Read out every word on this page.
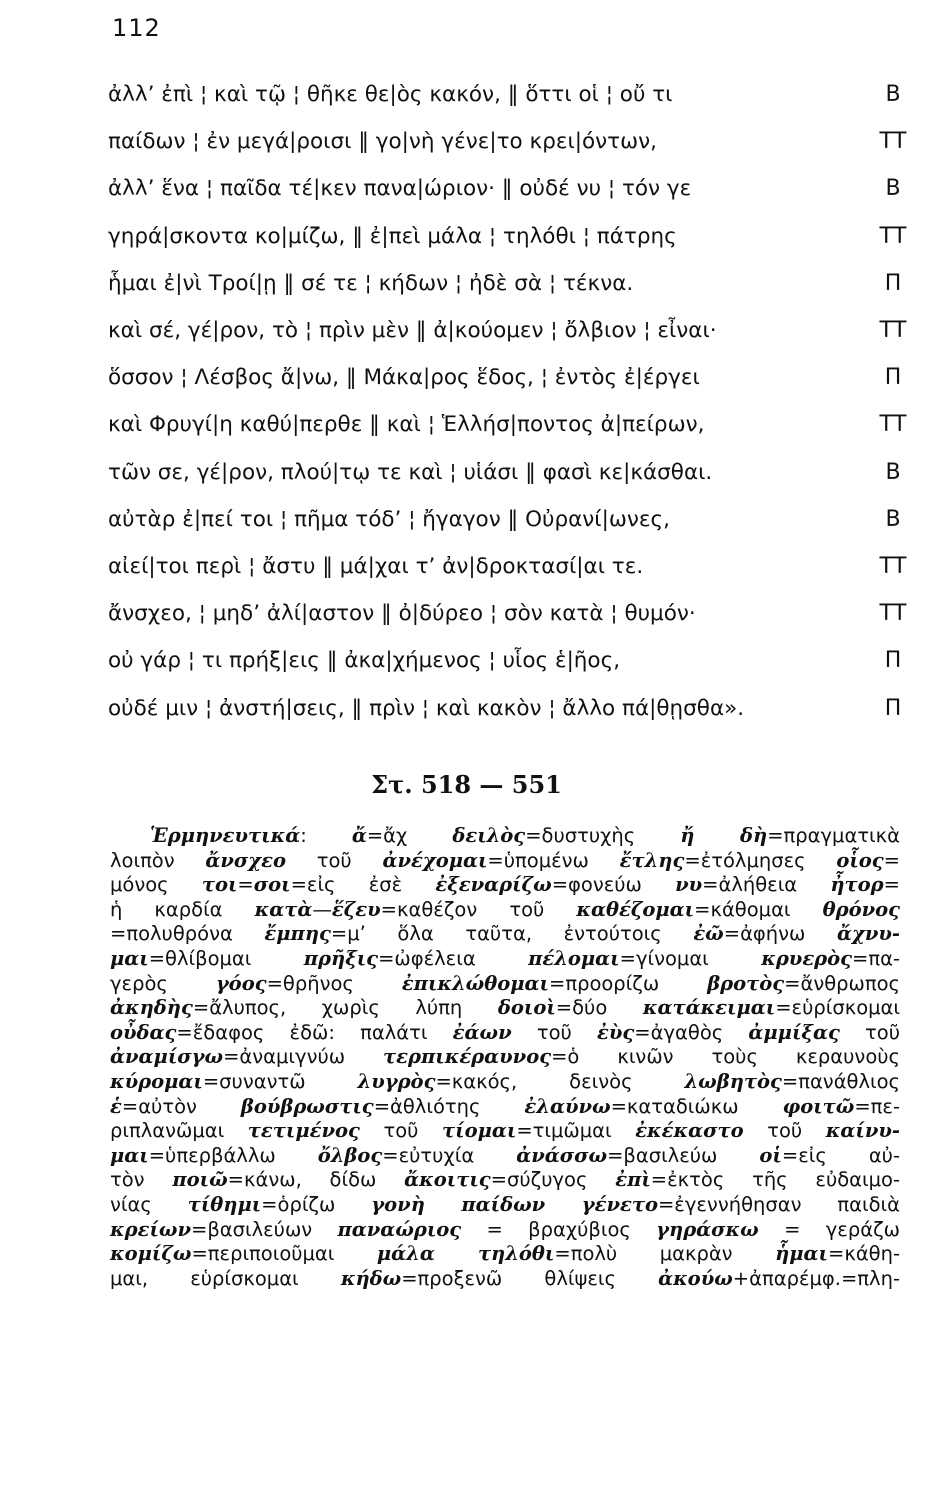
112
ἀλλ’ ἐπὶ ¦ καὶ τῷ ¦ θῆκε θε|ὸς κακόν, ‖ ὅττι οἱ ¦ οὔ τι	Β
παίδων ¦ ἐν μεγά|ροισι ‖ γο|νὴ γένε|το κρει|όντων,	ΤΤ
ἀλλ’ ἕνα ¦ παῖδα τέ|κεν πανα|ώριον· ‖ οὐδέ νυ ¦ τόν γε	Β
γηρά|σκοντα κο|μίζω, ‖ ἐ|πεὶ μάλα ¦ τηλόθι ¦ πάτρης	ΤΤ
ἧμαι ἐ|νὶ Τροί|ῃ ‖ σέ τε ¦ κήδων ¦ ἠδὲ σὰ ¦ τέκνα.	Π
καὶ σέ, γέ|ρον, τὸ ¦ πρὶν μὲν ‖ ἀ|κούομεν ¦ ὄλβιον ¦ εἶναι·	ΤΤ
ὅσσον ¦ Λέσβος ἄ|νω, ‖ Μάκα|ρος ἕδος, ¦ ἐντὸς ἐ|έργει	Π
καὶ Φρυγί|η καθύ|περθε ‖ καὶ ¦ Ἑλλήσ|ποντος ἀ|πείρων,	ΤΤ
τῶν σε, γέ|ρον, πλού|τῳ τε καὶ ¦ υἱάσι ‖ φασὶ κε|κάσθαι.	Β
αὐτὰρ ἐ|πεί τοι ¦ πῆμα τόδ’ ¦ ἤγαγον ‖ Οὐρανί|ωνες,	Β
αἰεί|τοι περὶ ¦ ἄστυ ‖ μά|χαι τ’ ἀν|δροκτασί|αι τε.	ΤΤ
ἄνσχεο, ¦ μηδ’ ἀλί|αστον ‖ ὀ|δύρεο ¦ σὸν κατὰ ¦ θυμόν·	ΤΤ
οὐ γάρ ¦ τι πρήξ|εις ‖ ἀκα|χήμενος ¦ υἷος ἑ|ῆος,	Π
οὐδέ μιν ¦ ἀνστή|σεις, ‖ πρὶν ¦ καὶ κακὸν ¦ ἄλλο πά|θῃσθα».	Π
Στ. 518 — 551
Ἑρμηνευτικά: ἄ=ἄχ δειλὸς=δυστυχὴς ἤ δὴ=πραγματικὰ
λοιπὸν ἄνσχεο τοῦ ἀνέχομαι=ὑπομένω ἔτλης=ἐτόλμησες οἷος=
μόνος τοι=σοι=εἰς ἐσὲ ἐξεναρίζω=φονεύω νυ=ἀλήθεια ἦτορ=
ἡ καρδία κατὰ—ἕζευ=καθέζον τοῦ καθέζομαι=κάθομαι θρόνος
=πολυθρόνα ἔμπης=μ’ ὅλα ταῦτα, ἐντούτοις ἐῶ=ἀφήνω ἄχνυ-
μαι=θλίβομαι πρῆξις=ὠφέλεια πέλομαι=γίνομαι κρυερὸς=πα-
γερὸς γόος=θρῆνος ἐπικλώθομαι=προορίζω βροτὸς=ἄνθρωπος
ἀκηδὴς=ἄλυπος, χωρὶς λύπη δοιοὶ=δύο κατάκειμαι=εὑρίσκομαι
οὖδας=ἔδαφος ἐδῶ: παλάτι ἐάων τοῦ ἐὺς=ἀγαθὸς ἀμμίξας τοῦ
ἀναμίσγω=ἀναμιγνύω τερπικέραυνος=ὁ κινῶν τοὺς κεραυνοὺς
κύρομαι=συναντῶ λυγρὸς=κακός, δεινὸς λωβητὸς=πανάθλιος
ἑ=αὐτὸν βούβρωστις=ἀθλιότης ἐλαύνω=καταδιώκω φοιτῶ=πε-
ριπλανῶμαι τετιμένος τοῦ τίομαι=τιμῶμαι ἐκέκαστο τοῦ καίνυ-
μαι=ὑπερβάλλω ὄλβος=εὐτυχία ἀνάσσω=βασιλεύω οἱ=εἰς αὐ-
τὸν ποιῶ=κάνω, δίδω ἄκοιτις=σύζυγος ἐπὶ=ἐκτὸς τῆς εὐδαιμο-
νίας τίθημι=ὁρίζω γονὴ παίδων γένετο=ἐγεννήθησαν παιδιὰ
κρείων=βασιλεύων παναώριος = βραχύβιος γηράσκω = γεράζω
κομίζω=περιποιοῦμαι μάλα τηλόθι=πολὺ μακρὰν ἧμαι=κάθη-
μαι, εὑρίσκομαι κήδω=προξενῶ θλίψεις ἀκούω+ἀπαρέμφ.=πλη-
